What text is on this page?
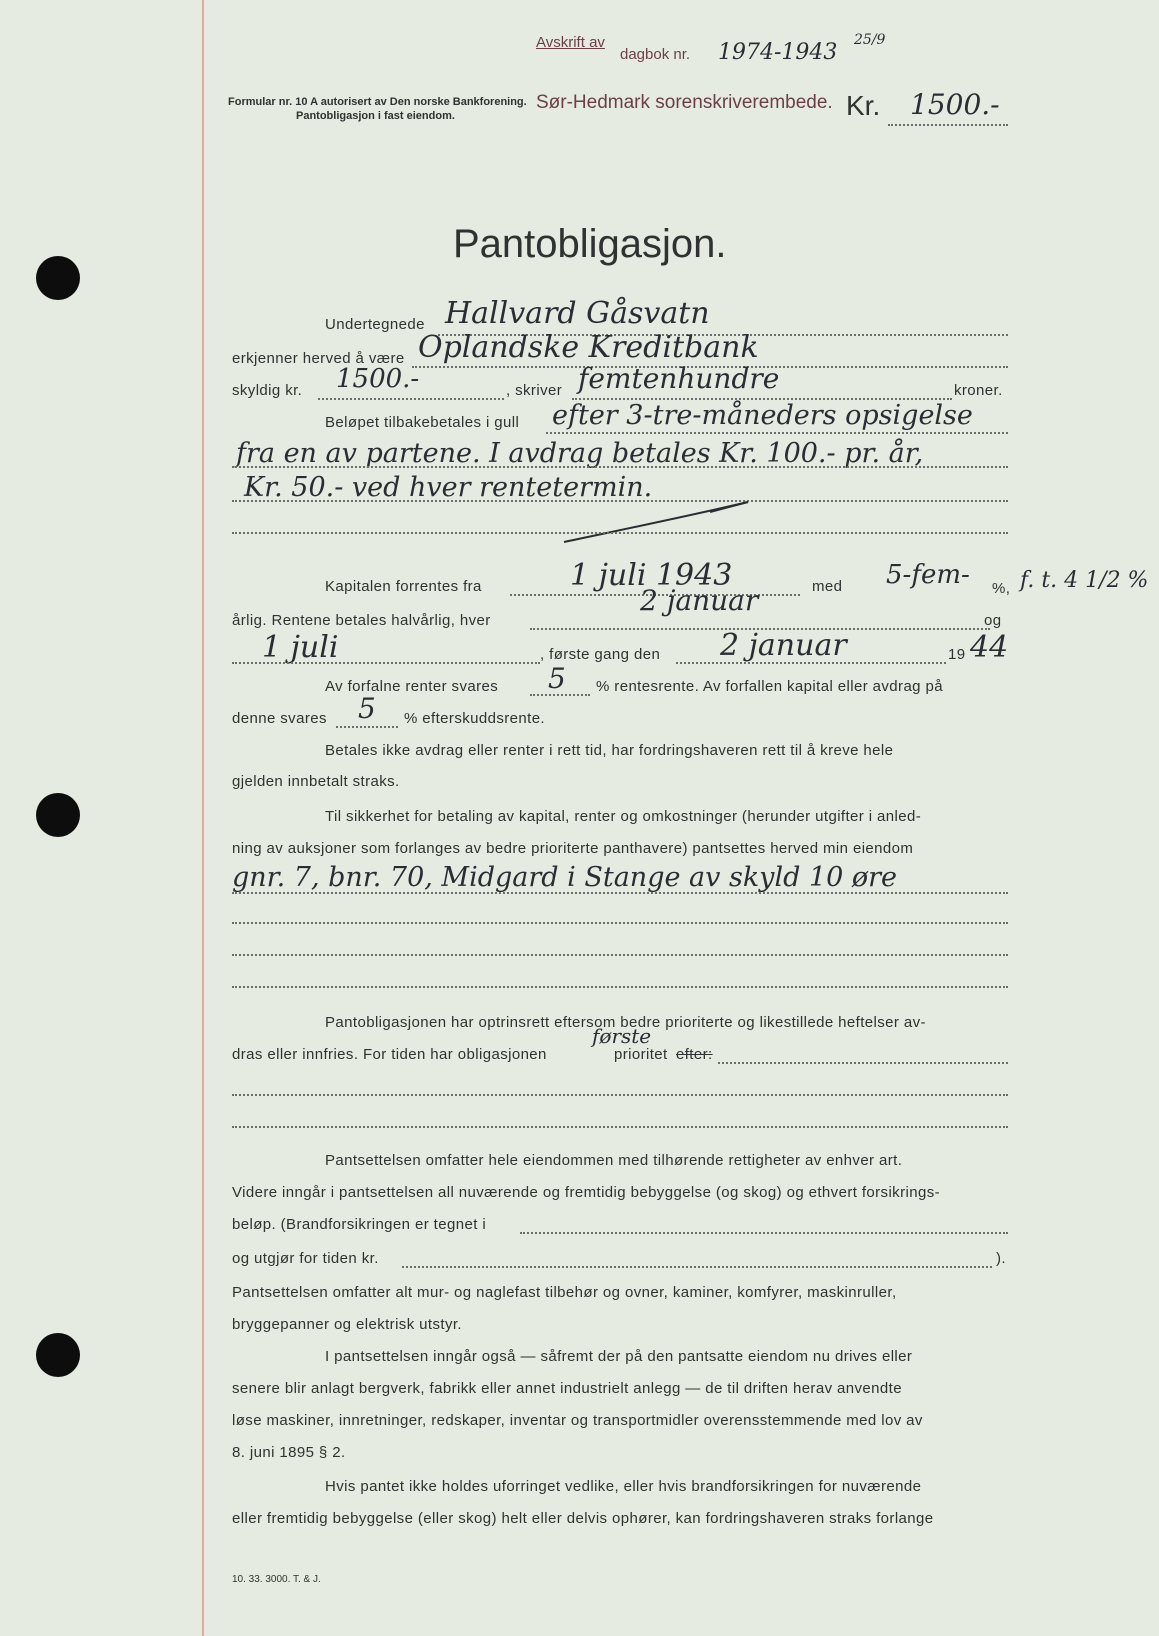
Avskrift av
dagbok nr. 1974-1943 25/9
Formular nr. 10 A autorisert av Den norske Bankforening.
Pantobligasjon i fast eiendom.
Sør-Hedmark sorenskriverembede. Kr. 1500.-
Pantobligasjon.
Undertegnede Hallvard Gåsvatn
erkjenner herved å være Oplandske Kreditbank
skyldig kr. 1500.-	, skriver femtenhundre	kroner.
Beløpet tilbakebetales i gull efter 3-tre-måneders opsigelse
fra en av partene. I avdrag betales Kr. 100.- pr. år,
Kr. 50.- ved hver rentetermin.
Kapitalen forrentes fra	1 juli 1943	med 5-fem- %, f. t. 4 1/2 %
årlig. Rentene betales halvårlig, hver
2 januar
og
1 juli	, første gang den 2 januar	19 44
Av forfalne renter svares 5 % rentesrente. Av forfallen kapital eller avdrag på
denne svares 5 % efterskuddsrente.
Betales ikke avdrag eller renter i rett tid, har fordringshaveren rett til å kreve hele
gjelden innbetalt straks.
Til sikkerhet for betaling av kapital, renter og omkostninger (herunder utgifter i anled-
ning av auksjoner som forlanges av bedre prioriterte panthavere) pantsettes herved min eiendom
gnr. 7, bnr. 70, Midgard i Stange av skyld 10 øre
Pantobligasjonen har optrinsrett eftersom bedre prioriterte og likestillede heftelser av-
dras eller innfries. For tiden har obligasjonen
første
prioritet efter:
Pantsettelsen omfatter hele eiendommen med tilhørende rettigheter av enhver art.
Videre inngår i pantsettelsen all nuværende og fremtidig bebyggelse (og skog) og ethvert forsikrings-
beløp. (Brandforsikringen er tegnet i
og utgjør for tiden kr.	).
Pantsettelsen omfatter alt mur- og naglefast tilbehør og ovner, kaminer, komfyrer, maskinruller,
bryggepanner og elektrisk utstyr.
I pantsettelsen inngår også — såfremt der på den pantsatte eiendom nu drives eller
senere blir anlagt bergverk, fabrikk eller annet industrielt anlegg — de til driften herav anvendte
løse maskiner, innretninger, redskaper, inventar og transportmidler overensstemmende med lov av
8. juni 1895 § 2.
Hvis pantet ikke holdes uforringet vedlike, eller hvis brandforsikringen for nuværende
eller fremtidig bebyggelse (eller skog) helt eller delvis ophører, kan fordringshaveren straks forlange
10. 33. 3000. T. & J.
